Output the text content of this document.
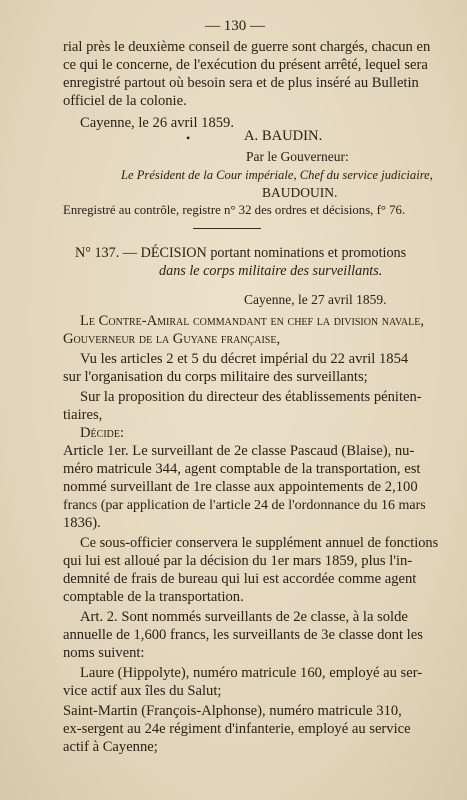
— 130 —
rial près le deuxième conseil de guerre sont chargés, chacun en
ce qui le concerne, de l'exécution du présent arrêté, lequel sera
enregistré partout où besoin sera et de plus inséré au Bulletin
officiel de la colonie.
Cayenne, le 26 avril 1859.
•	A. BAUDIN.
Par le Gouverneur:
Le Président de la Cour impériale, Chef du service judiciaire,
BAUDOUIN.
Enregistré au contrôle, registre n° 32 des ordres et décisions, f° 76.
N° 137. — DÉCISION portant nominations et promotions
dans le corps militaire des surveillants.
Cayenne, le 27 avril 1859.
Le Contre-Amiral commandant en chef la division navale,
Gouverneur de la Guyane française,
Vu les articles 2 et 5 du décret impérial du 22 avril 1854
sur l'organisation du corps militaire des surveillants;
Sur la proposition du directeur des établissements péniten-
tiaires,
Décide:
Article 1er. Le surveillant de 2e classe Pascaud (Blaise), nu-
méro matricule 344, agent comptable de la transportation, est
nommé surveillant de 1re classe aux appointements de 2,100
francs (par application de l'article 24 de l'ordonnance du 16 mars
1836).
Ce sous-officier conservera le supplément annuel de fonctions
qui lui est alloué par la décision du 1er mars 1859, plus l'in-
demnité de frais de bureau qui lui est accordée comme agent
comptable de la transportation.
Art. 2. Sont nommés surveillants de 2e classe, à la solde
annuelle de 1,600 francs, les surveillants de 3e classe dont les
noms suivent:
Laure (Hippolyte), numéro matricule 160, employé au ser-
vice actif aux îles du Salut;
Saint-Martin (François-Alphonse), numéro matricule 310,
ex-sergent au 24e régiment d'infanterie, employé au service
actif à Cayenne;
